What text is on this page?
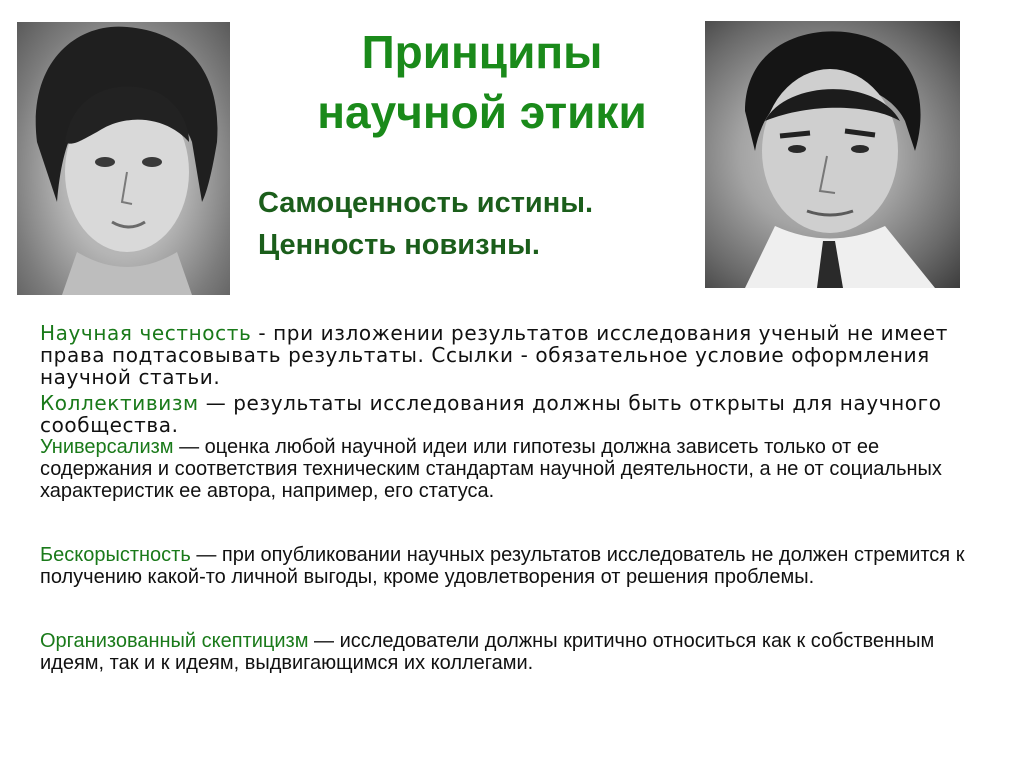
Принципы
научной этики
Самоценность истины.
Ценность новизны.

Научная честность - при изложении результатов исследования ученый не имеет права подтасовывать результаты. Ссылки - обязательное условие оформления научной статьи.

Коллективизм — результаты исследования должны быть открыты для научного сообщества.

Универсализм — оценка любой научной идеи или гипотезы должна зависеть только от ее содержания и соответствия техническим стандартам научной деятельности, а не от социальных характеристик ее автора, например, его статуса.

Бескорыстность — при опубликовании научных результатов исследователь не должен стремится к получению какой-то личной выгоды, кроме удовлетворения от решения проблемы.

Организованный скептицизм — исследователи должны критично относиться как к собственным идеям, так и к идеям, выдвигающимся их коллегами.
